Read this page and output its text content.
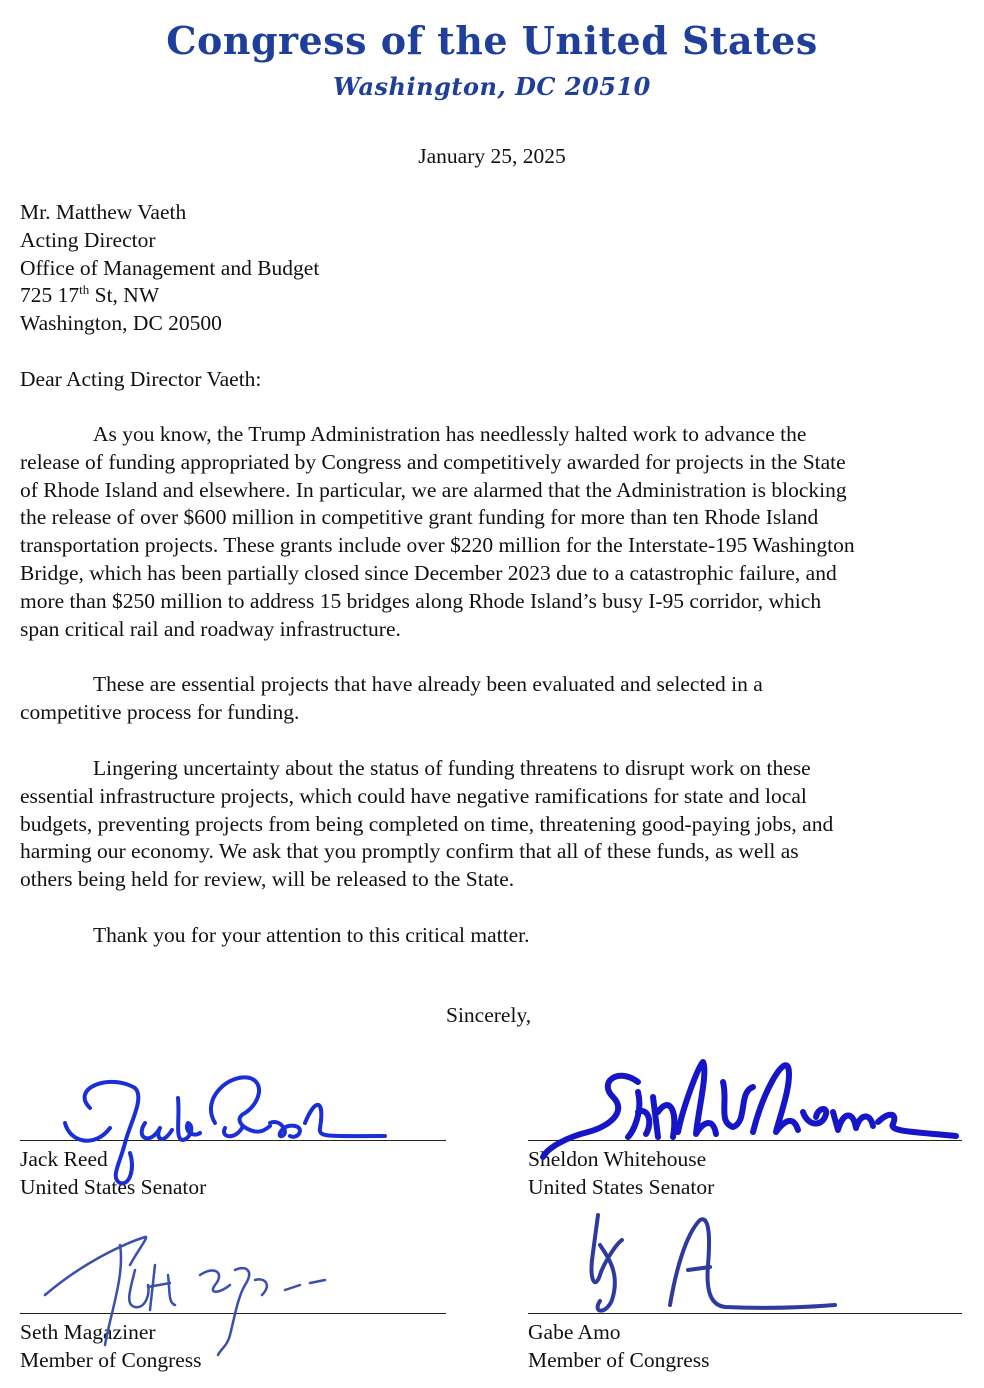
Congress of the United States
Washington, DC 20510
January 25, 2025
Mr. Matthew Vaeth
Acting Director
Office of Management and Budget
725 17th St, NW
Washington, DC 20500
Dear Acting Director Vaeth:
As you know, the Trump Administration has needlessly halted work to advance the
release of funding appropriated by Congress and competitively awarded for projects in the State
of Rhode Island and elsewhere. In particular, we are alarmed that the Administration is blocking
the release of over $600 million in competitive grant funding for more than ten Rhode Island
transportation projects. These grants include over $220 million for the Interstate-195 Washington
Bridge, which has been partially closed since December 2023 due to a catastrophic failure, and
more than $250 million to address 15 bridges along Rhode Island’s busy I-95 corridor, which
span critical rail and roadway infrastructure.
These are essential projects that have already been evaluated and selected in a
competitive process for funding.
Lingering uncertainty about the status of funding threatens to disrupt work on these
essential infrastructure projects, which could have negative ramifications for state and local
budgets, preventing projects from being completed on time, threatening good-paying jobs, and
harming our economy. We ask that you promptly confirm that all of these funds, as well as
others being held for review, will be released to the State.
Thank you for your attention to this critical matter.
Sincerely,
Jack Reed
United States Senator
Sheldon Whitehouse
United States Senator
Seth Magaziner
Member of Congress
Gabe Amo
Member of Congress
